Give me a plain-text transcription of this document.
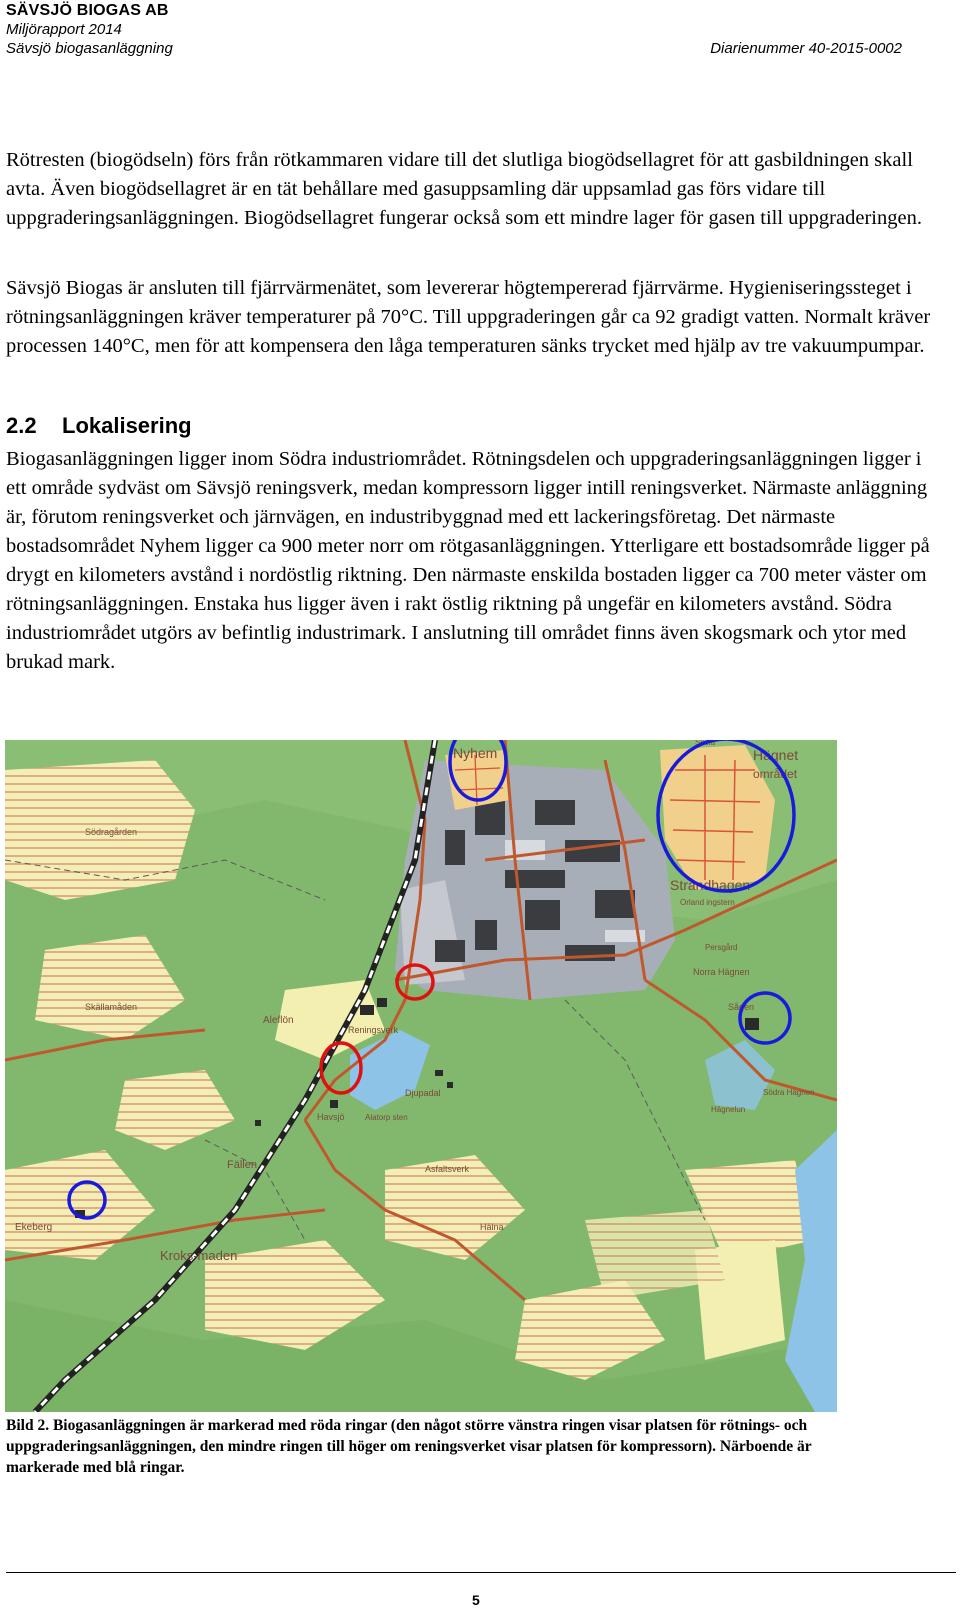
SÄVSJÖ BIOGAS AB
Miljörapport 2014
Sävsjö biogasanläggning	Diarienummer 40-2015-0002
Rötresten (biogödseln) förs från rötkammaren vidare till det slutliga biogödsellagret för att gasbildningen skall avta. Även biogödsellagret är en tät behållare med gasuppsamling där uppsamlad gas förs vidare till uppgraderingsanläggningen. Biogödsellagret fungerar också som ett mindre lager för gasen till uppgraderingen.
Sävsjö Biogas är ansluten till fjärrvärmenätet, som levererar högtempererad fjärrvärme. Hygieniseringssteget i rötningsanläggningen kräver temperaturer på 70°C. Till uppgraderingen går ca 92 gradigt vatten. Normalt kräver processen 140°C, men för att kompensera den låga temperaturen sänks trycket med hjälp av tre vakuumpumpar.
2.2 Lokalisering
Biogasanläggningen ligger inom Södra industriområdet. Rötningsdelen och uppgraderingsanläggningen ligger i ett område sydväst om Sävsjö reningsverk, medan kompressorn ligger intill reningsverket. Närmaste anläggning är, förutom reningsverket och järnvägen, en industribyggnad med ett lackeringsföretag. Det närmaste bostadsområdet Nyhem ligger ca 900 meter norr om rötgasanläggningen. Ytterligare ett bostadsområde ligger på drygt en kilometers avstånd i nordöstlig riktning. Den närmaste enskilda bostaden ligger ca 700 meter väster om rötningsanläggningen. Enstaka hus ligger även i rakt östlig riktning på ungefär en kilometers avstånd. Södra industriområdet utgörs av befintlig industrimark. I anslutning till området finns även skogsmark och ytor med brukad mark.
Nyhem	Hägnet
området
Skola
Södragården
Strandhagen
Orland ingstern
Skällamåden
Aleflön
Reningsverk
Persgård
Norra Hägnen
Sågen
Södra Hägnen
Hägnelun
Djupadal
Alatorp sten
Havsjö
Asfaltsverk
Fällen
Ekeberg
Kroks-maden
Hälna
Bild 2. Biogasanläggningen är markerad med röda ringar (den något större vänstra ringen visar platsen för rötnings- och uppgraderingsanläggningen, den mindre ringen till höger om reningsverket visar platsen för kompressorn). Närboende är markerade med blå ringar.
5
